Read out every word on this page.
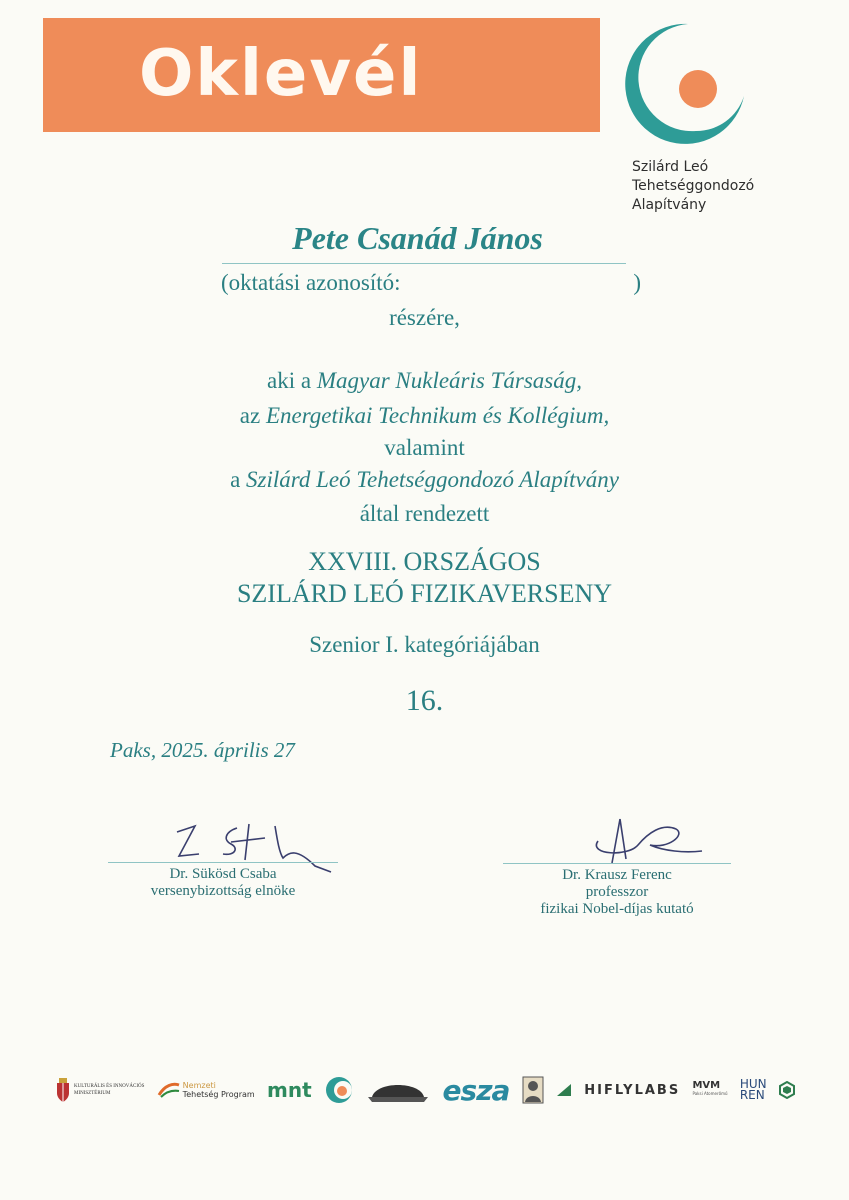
Oklevél
Szilárd Leó
Tehetséggondozó
Alapítvány
Pete Csanád János
(oktatási azonosító:	)
részére,
aki a Magyar Nukleáris Társaság,
az Energetikai Technikum és Kollégium,
valamint
a Szilárd Leó Tehetséggondozó Alapítvány
által rendezett
XXVIII. ORSZÁGOS
SZILÁRD LEÓ FIZIKAVERSENY
Szenior I. kategóriájában
16.
Paks, 2025. április 27
Dr. Sükösd Csaba
versenybizottság elnöke
Dr. Krausz Ferenc
professzor
fizikai Nobel-díjas kutató
KULTURÁLIS ÉS INNOVÁCIÓS
MINISZTÉRIUM
Nemzeti
Tehetség Program mnt	esza	HIFLYLABS MVM
Paksi Atomerőmű
HUN
REN
